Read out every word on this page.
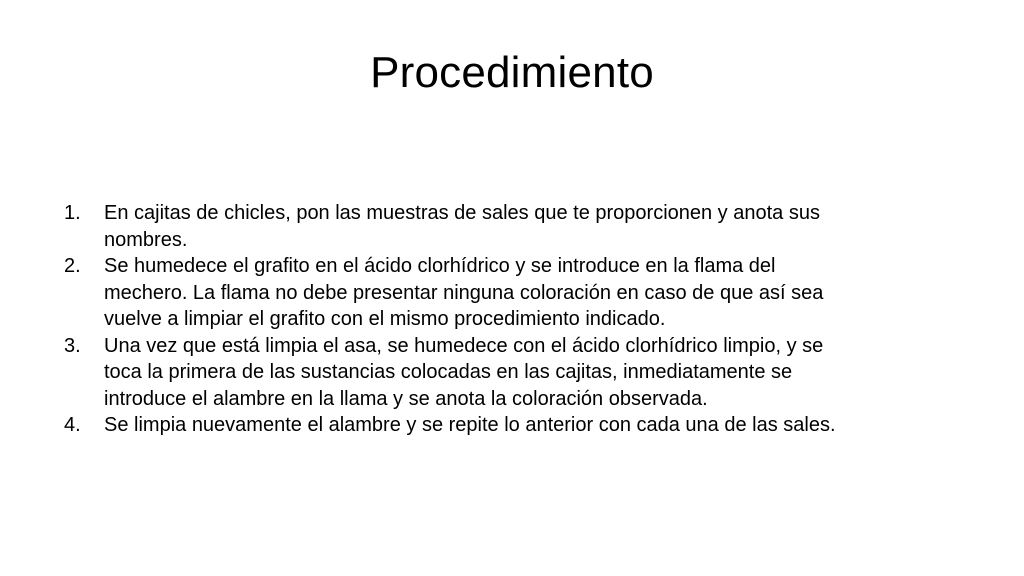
Procedimiento
1.	En cajitas de chicles, pon las muestras de sales que te proporcionen y anota sus nombres.
2.	Se humedece el grafito en el ácido clorhídrico y se introduce en la flama del mechero. La flama no debe presentar ninguna coloración en caso de que así sea vuelve a limpiar el grafito con el mismo procedimiento indicado.
3.	Una vez que está limpia el asa, se humedece con el ácido clorhídrico limpio, y se toca la primera de las sustancias colocadas en las cajitas, inmediatamente se introduce el alambre en la llama y se anota la coloración observada.
4.	Se limpia nuevamente el alambre y se repite lo anterior con cada una de las sales.
